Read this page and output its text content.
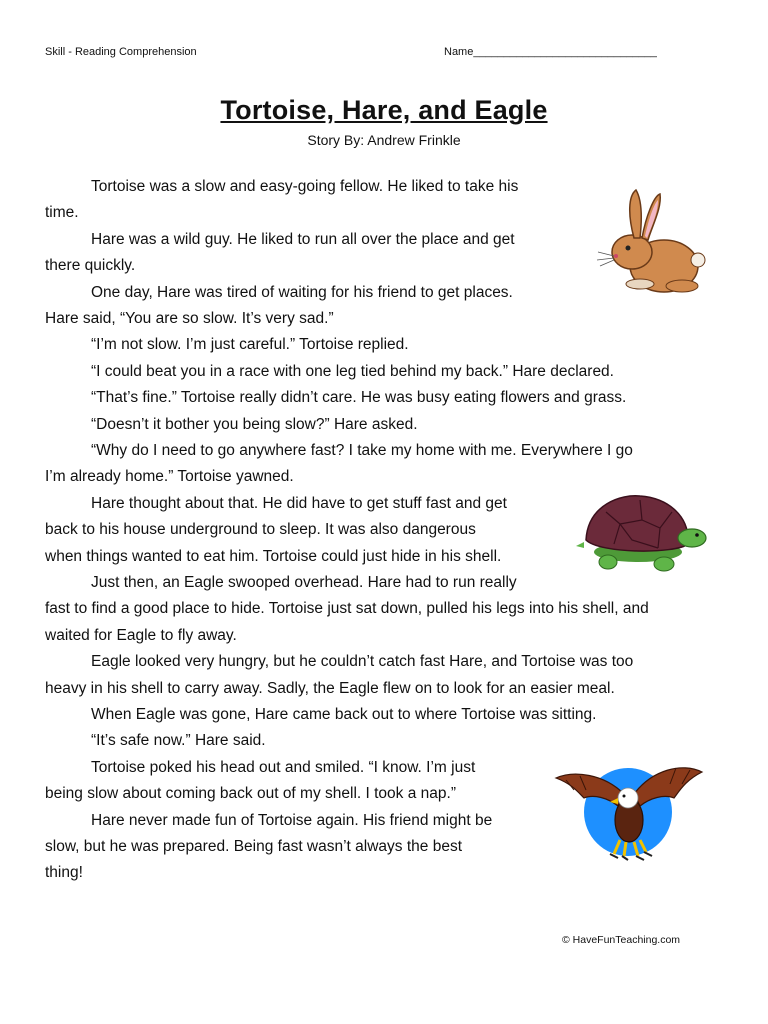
Skill - Reading Comprehension	Name______________________________
Tortoise, Hare, and Eagle
Story By: Andrew Frinkle
Tortoise was a slow and easy-going fellow. He liked to take his
time.
Hare was a wild guy. He liked to run all over the place and get
there quickly.
One day, Hare was tired of waiting for his friend to get places.
Hare said, “You are so slow. It’s very sad.”
“I’m not slow. I’m just careful.” Tortoise replied.
“I could beat you in a race with one leg tied behind my back.” Hare declared.
“That’s fine.” Tortoise really didn’t care. He was busy eating flowers and grass.
“Doesn’t it bother you being slow?” Hare asked.
“Why do I need to go anywhere fast? I take my home with me. Everywhere I go
I’m already home.” Tortoise yawned.
Hare thought about that. He did have to get stuff fast and get
back to his house underground to sleep. It was also dangerous
when things wanted to eat him. Tortoise could just hide in his shell.
Just then, an Eagle swooped overhead. Hare had to run really
fast to find a good place to hide. Tortoise just sat down, pulled his legs into his shell, and
waited for Eagle to fly away.
Eagle looked very hungry, but he couldn’t catch fast Hare, and Tortoise was too
heavy in his shell to carry away. Sadly, the Eagle flew on to look for an easier meal.
When Eagle was gone, Hare came back out to where Tortoise was sitting.
“It’s safe now.” Hare said.
Tortoise poked his head out and smiled. “I know. I’m just
being slow about coming back out of my shell. I took a nap.”
Hare never made fun of Tortoise again. His friend might be
slow, but he was prepared. Being fast wasn’t always the best
thing!
© HaveFunTeaching.com
